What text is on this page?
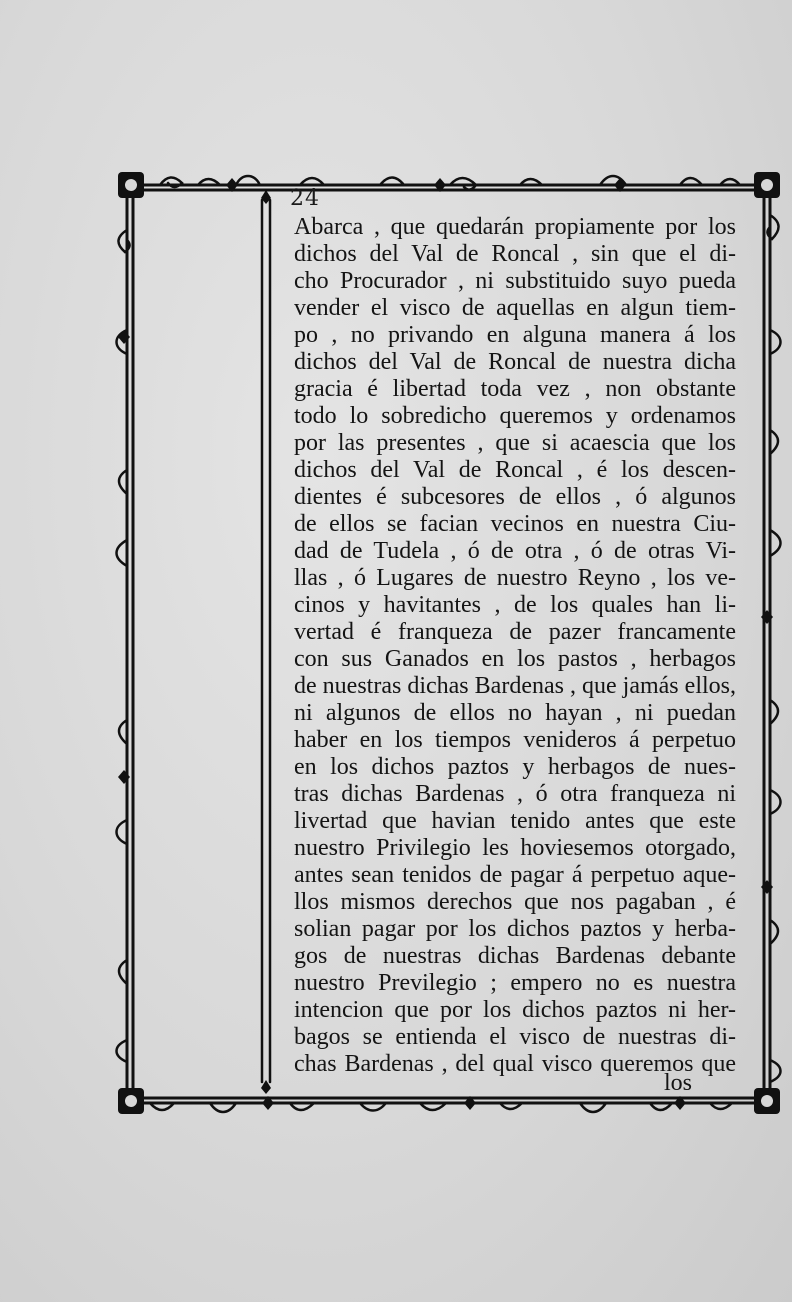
24
Abarca , que quedarán propiamente por los
dichos del Val de Roncal , sin que el di-
cho Procurador , ni substituido suyo pueda
vender el visco de aquellas en algun tiem-
po , no privando en alguna manera á los
dichos del Val de Roncal de nuestra dicha
gracia é libertad toda vez , non obstante
todo lo sobredicho queremos y ordenamos
por las presentes , que si acaescia que los
dichos del Val de Roncal , é los descen-
dientes é subcesores de ellos , ó algunos
de ellos se facian vecinos en nuestra Ciu-
dad de Tudela , ó de otra , ó de otras Vi-
llas , ó Lugares de nuestro Reyno , los ve-
cinos y havitantes , de los quales han li-
vertad é franqueza de pazer francamente
con sus Ganados en los pastos , herbagos
de nuestras dichas Bardenas , que jamás ellos,
ni algunos de ellos no hayan , ni puedan
haber en los tiempos venideros á perpetuo
en los dichos paztos y herbagos de nues-
tras dichas Bardenas , ó otra franqueza ni
livertad que havian tenido antes que este
nuestro Privilegio les hoviesemos otorgado,
antes sean tenidos de pagar á perpetuo aque-
llos mismos derechos que nos pagaban , é
solian pagar por los dichos paztos y herba-
gos de nuestras dichas Bardenas debante
nuestro Previlegio ; empero no es nuestra
intencion que por los dichos paztos ni her-
bagos se entienda el visco de nuestras di-
chas Bardenas , del qual visco queremos que
los
